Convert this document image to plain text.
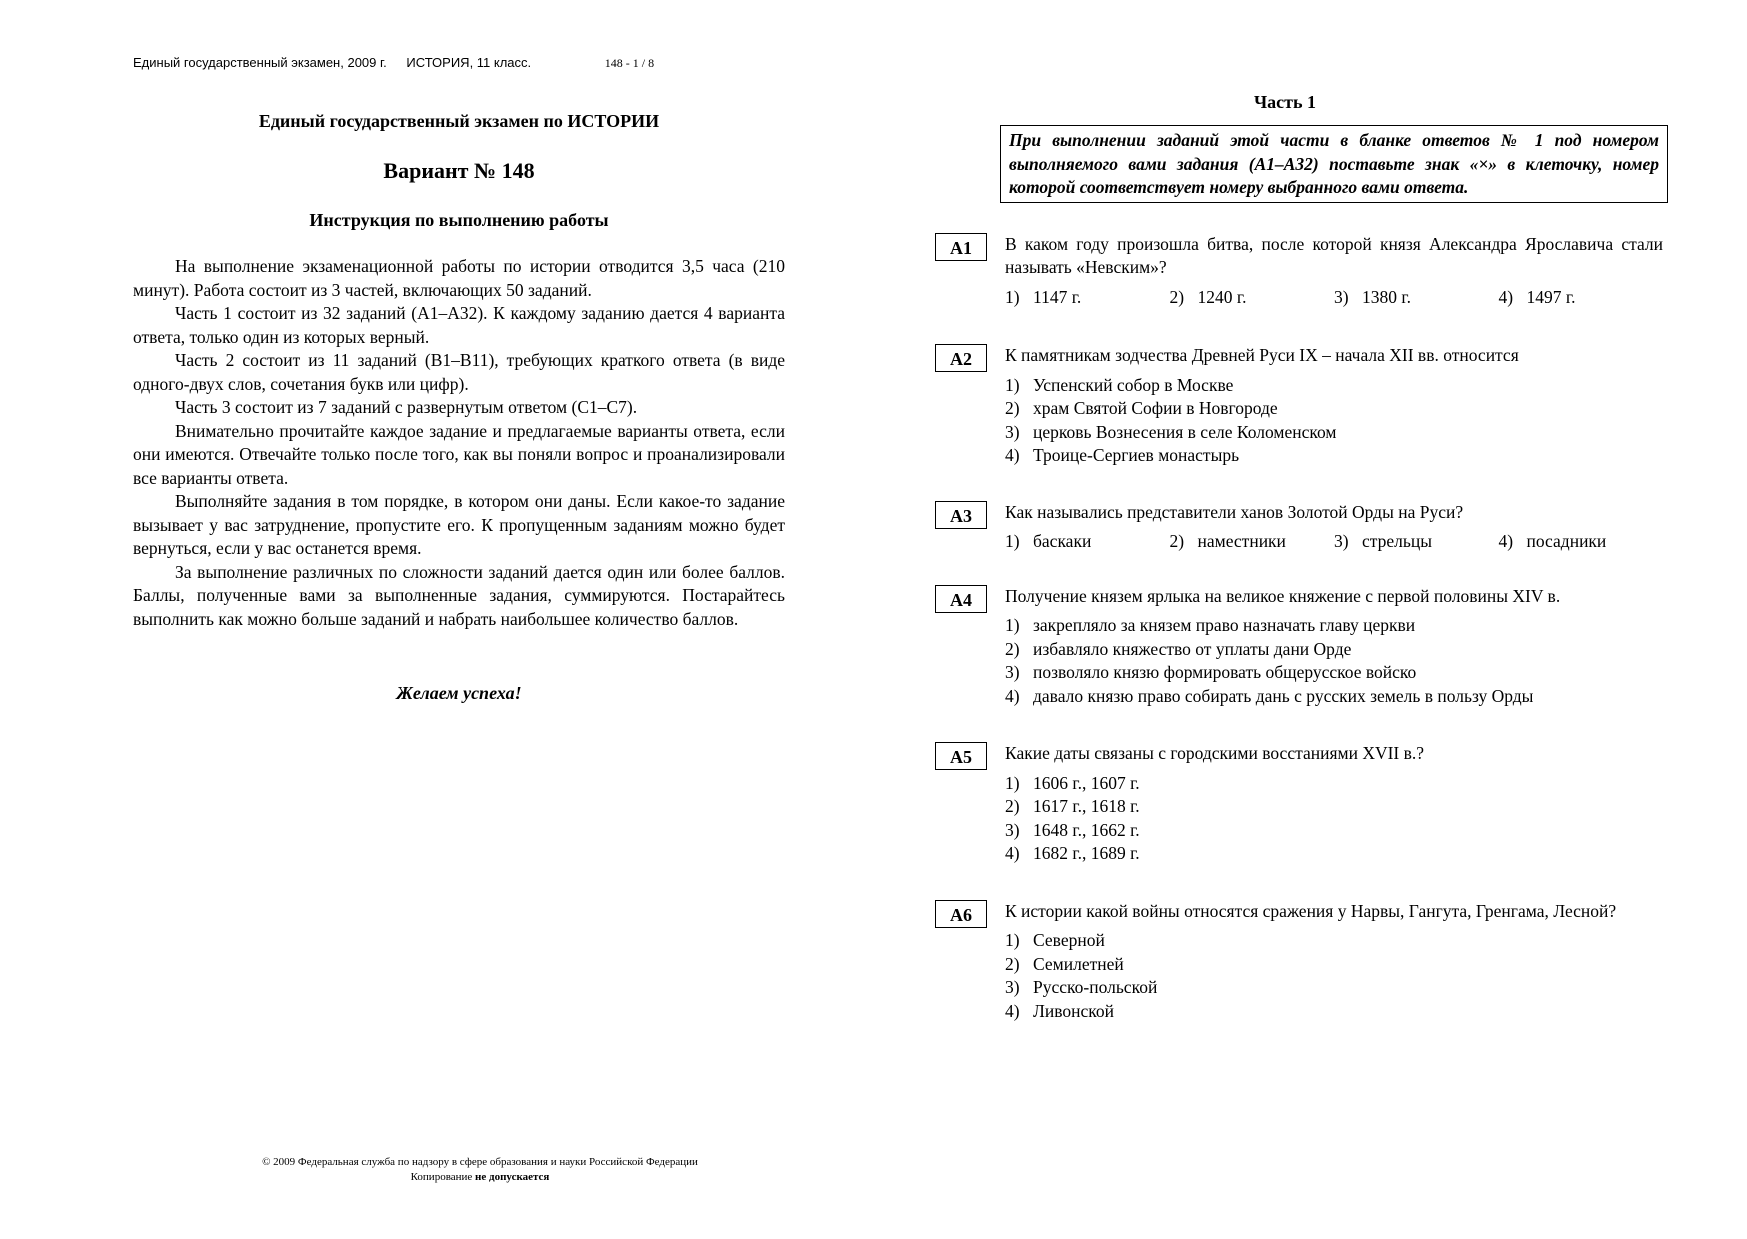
Единый государственный экзамен, 2009 г. ИСТОРИЯ, 11 класс.	148 - 1 / 8
Единый государственный экзамен по ИСТОРИИ
Вариант № 148
Инструкция по выполнению работы

На выполнение экзаменационной работы по истории отводится 3,5 часа (210 минут). Работа состоит из 3 частей, включающих 50 заданий.

Часть 1 состоит из 32 заданий (А1–А32). К каждому заданию дается 4 варианта ответа, только один из которых верный.

Часть 2 состоит из 11 заданий (В1–В11), требующих краткого ответа (в виде одного-двух слов, сочетания букв или цифр).

Часть 3 состоит из 7 заданий с развернутым ответом (С1–С7).

Внимательно прочитайте каждое задание и предлагаемые варианты ответа, если они имеются. Отвечайте только после того, как вы поняли вопрос и проанализировали все варианты ответа.

Выполняйте задания в том порядке, в котором они даны. Если какое-то задание вызывает у вас затруднение, пропустите его. К пропущенным заданиям можно будет вернуться, если у вас останется время.

За выполнение различных по сложности заданий дается один или более баллов. Баллы, полученные вами за выполненные задания, суммируются. Постарайтесь выполнить как можно больше заданий и набрать наибольшее количество баллов.

Желаем успеха!
© 2009 Федеральная служба по надзору в сфере образования и науки Российской Федерации
Копирование не допускается
Часть 1
При выполнении заданий этой части в бланке ответов № 1 под номером выполняемого вами задания (А1–А32) поставьте знак «×» в клеточку, номер которой соответствует номеру выбранного вами ответа.
А1	В каком году произошла битва, после которой князя Александра Ярославича стали называть «Невским»?
1) 1147 г.	2) 1240 г.	3) 1380 г.	4) 1497 г.
А2	К памятникам зодчества Древней Руси IX – начала XII вв. относится
1) Успенский собор в Москве
2) храм Святой Софии в Новгороде
3) церковь Вознесения в селе Коломенском
4) Троице-Сергиев монастырь
А3	Как назывались представители ханов Золотой Орды на Руси?
1) баскаки	2) наместники	3) стрельцы	4) посадники
А4	Получение князем ярлыка на великое княжение с первой половины XIV в.
1) закрепляло за князем право назначать главу церкви
2) избавляло княжество от уплаты дани Орде
3) позволяло князю формировать общерусское войско
4) давало князю право собирать дань с русских земель в пользу Орды
А5	Какие даты связаны с городскими восстаниями XVII в.?
1) 1606 г., 1607 г.
2) 1617 г., 1618 г.
3) 1648 г., 1662 г.
4) 1682 г., 1689 г.
А6	К истории какой войны относятся сражения у Нарвы, Гангута, Гренгама, Лесной?
1) Северной
2) Семилетней
3) Русско-польской
4) Ливонской
